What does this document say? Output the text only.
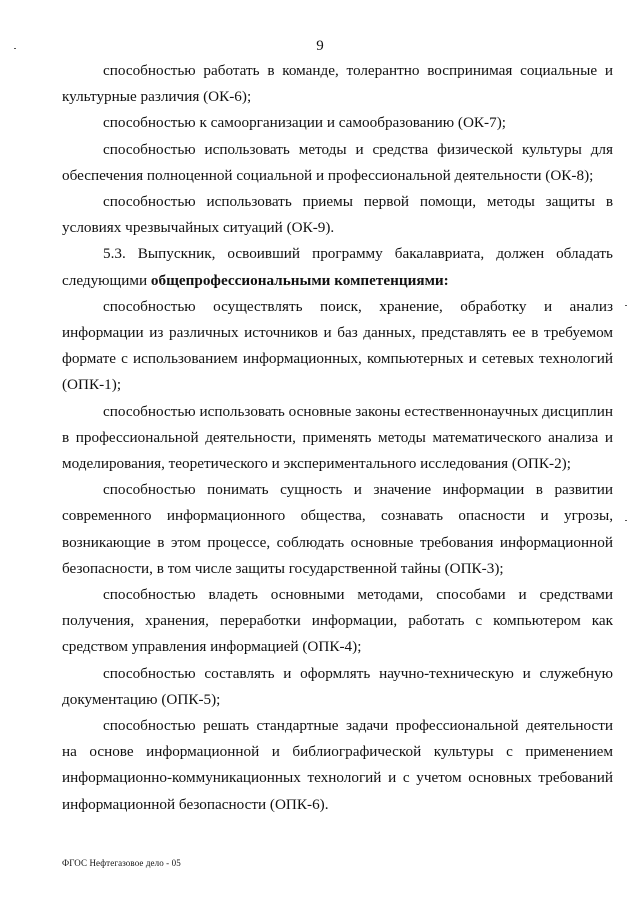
9

способностью работать в команде, толерантно воспринимая социальные и культурные различия (ОК-6);

способностью к самоорганизации и самообразованию (ОК-7);

способностью использовать методы и средства физической культуры для обеспечения полноценной социальной и профессиональной деятельности (ОК-8);

способностью использовать приемы первой помощи, методы защиты в условиях чрезвычайных ситуаций (ОК-9).

5.3. Выпускник, освоивший программу бакалавриата, должен обладать следующими общепрофессиональными компетенциями:

способностью осуществлять поиск, хранение, обработку и анализ информации из различных источников и баз данных, представлять ее в требуемом формате с использованием информационных, компьютерных и сетевых технологий (ОПК-1);

способностью использовать основные законы естественнонаучных дисциплин в профессиональной деятельности, применять методы математического анализа и моделирования, теоретического и экспериментального исследования (ОПК-2);

способностью понимать сущность и значение информации в развитии современного информационного общества, сознавать опасности и угрозы, возникающие в этом процессе, соблюдать основные требования информационной безопасности, в том числе защиты государственной тайны (ОПК-3);

способностью владеть основными методами, способами и средствами получения, хранения, переработки информации, работать с компьютером как средством управления информацией (ОПК-4);

способностью составлять и оформлять научно-техническую и служебную документацию (ОПК-5);

способностью решать стандартные задачи профессиональной деятельности на основе информационной и библиографической культуры с применением информационно-коммуникационных технологий и с учетом основных требований информационной безопасности (ОПК-6).

ФГОС Нефтегазовое дело - 05
